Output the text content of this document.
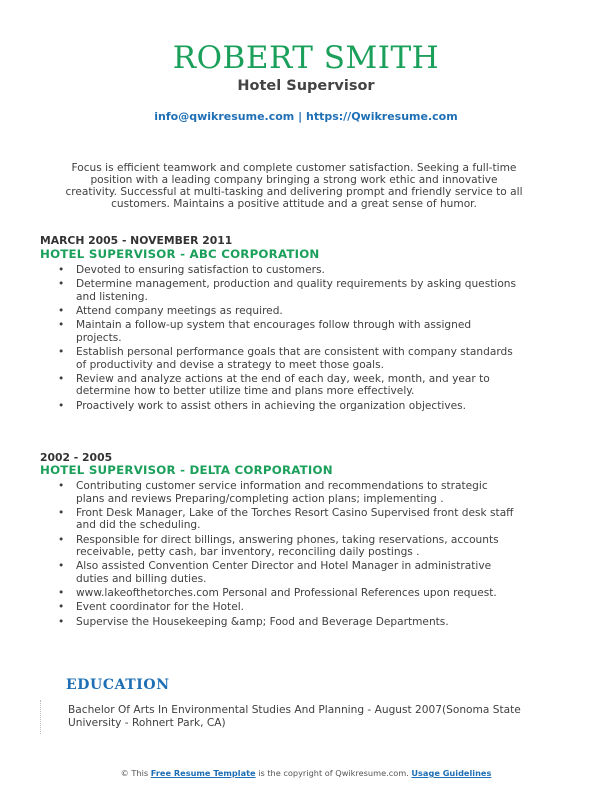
ROBERT SMITH
Hotel Supervisor
info@qwikresume.com | https://Qwikresume.com
Focus is efficient teamwork and complete customer satisfaction. Seeking a full-time position with a leading company bringing a strong work ethic and innovative creativity. Successful at multi-tasking and delivering prompt and friendly service to all customers. Maintains a positive attitude and a great sense of humor.
MARCH 2005 - NOVEMBER 2011
HOTEL SUPERVISOR - ABC CORPORATION
• Devoted to ensuring satisfaction to customers.
• Determine management, production and quality requirements by asking questions and listening.
• Attend company meetings as required.
• Maintain a follow-up system that encourages follow through with assigned projects.
• Establish personal performance goals that are consistent with company standards of productivity and devise a strategy to meet those goals.
• Review and analyze actions at the end of each day, week, month, and year to determine how to better utilize time and plans more effectively.
• Proactively work to assist others in achieving the organization objectives.
2002 - 2005
HOTEL SUPERVISOR - DELTA CORPORATION
• Contributing customer service information and recommendations to strategic plans and reviews Preparing/completing action plans; implementing .
• Front Desk Manager, Lake of the Torches Resort Casino Supervised front desk staff and did the scheduling.
• Responsible for direct billings, answering phones, taking reservations, accounts receivable, petty cash, bar inventory, reconciling daily postings .
• Also assisted Convention Center Director and Hotel Manager in administrative duties and billing duties.
• www.lakeofthetorches.com Personal and Professional References upon request.
• Event coordinator for the Hotel.
• Supervise the Housekeeping &amp; Food and Beverage Departments.
EDUCATION
Bachelor Of Arts In Environmental Studies And Planning - August 2007(Sonoma State University - Rohnert Park, CA)
© This Free Resume Template is the copyright of Qwikresume.com. Usage Guidelines
